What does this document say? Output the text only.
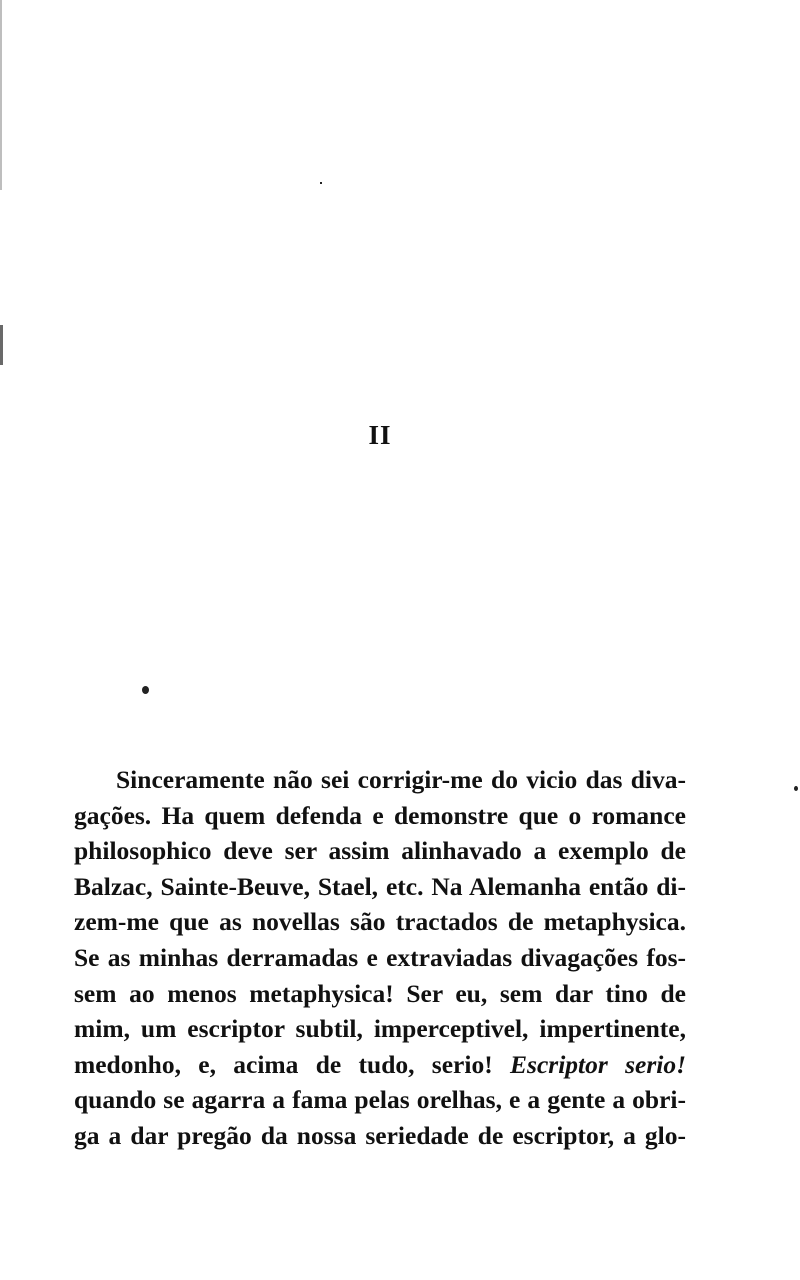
II
Sinceramente não sei corrigir-me do vicio das diva-
gações. Ha quem defenda e demonstre que o romance
philosophico deve ser assim alinhavado a exemplo de
Balzac, Sainte-Beuve, Stael, etc. Na Alemanha então di-
zem-me que as novellas são tractados de metaphysica.
Se as minhas derramadas e extraviadas divagações fos-
sem ao menos metaphysica! Ser eu, sem dar tino de
mim, um escriptor subtil, imperceptivel, impertinente,
medonho, e, acima de tudo, serio! Escriptor serio!
quando se agarra a fama pelas orelhas, e a gente a obri-
ga a dar pregão da nossa seriedade de escriptor, a glo-
